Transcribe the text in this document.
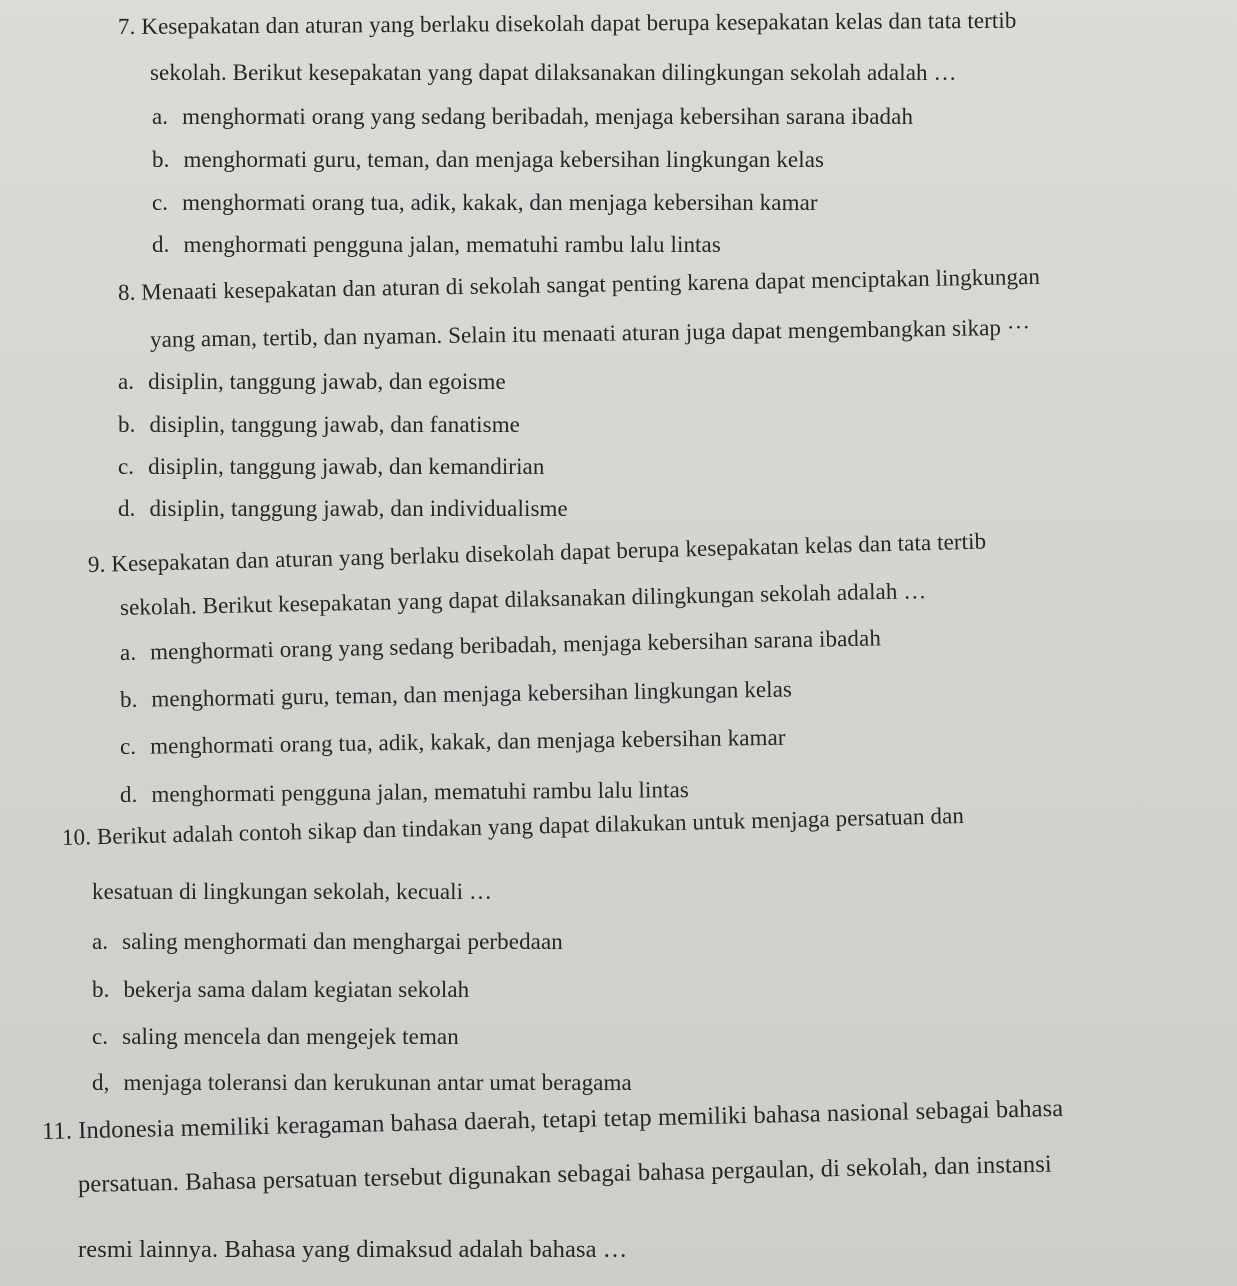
7. Kesepakatan dan aturan yang berlaku disekolah dapat berupa kesepakatan kelas dan tata tertib
sekolah. Berikut kesepakatan yang dapat dilaksanakan dilingkungan sekolah adalah …
a. menghormati orang yang sedang beribadah, menjaga kebersihan sarana ibadah
b. menghormati guru, teman, dan menjaga kebersihan lingkungan kelas
c. menghormati orang tua, adik, kakak, dan menjaga kebersihan kamar
d. menghormati pengguna jalan, mematuhi rambu lalu lintas
8. Menaati kesepakatan dan aturan di sekolah sangat penting karena dapat menciptakan lingkungan
yang aman, tertib, dan nyaman. Selain itu menaati aturan juga dapat mengembangkan sikap ···
a. disiplin, tanggung jawab, dan egoisme
b. disiplin, tanggung jawab, dan fanatisme
c. disiplin, tanggung jawab, dan kemandirian
d. disiplin, tanggung jawab, dan individualisme
9. Kesepakatan dan aturan yang berlaku disekolah dapat berupa kesepakatan kelas dan tata tertib
sekolah. Berikut kesepakatan yang dapat dilaksanakan dilingkungan sekolah adalah …
a. menghormati orang yang sedang beribadah, menjaga kebersihan sarana ibadah
b. menghormati guru, teman, dan menjaga kebersihan lingkungan kelas
c. menghormati orang tua, adik, kakak, dan menjaga kebersihan kamar
d. menghormati pengguna jalan, mematuhi rambu lalu lintas
10. Berikut adalah contoh sikap dan tindakan yang dapat dilakukan untuk menjaga persatuan dan
kesatuan di lingkungan sekolah, kecuali …
a. saling menghormati dan menghargai perbedaan
b. bekerja sama dalam kegiatan sekolah
c. saling mencela dan mengejek teman
d, menjaga toleransi dan kerukunan antar umat beragama
11. Indonesia memiliki keragaman bahasa daerah, tetapi tetap memiliki bahasa nasional sebagai bahasa
persatuan. Bahasa persatuan tersebut digunakan sebagai bahasa pergaulan, di sekolah, dan instansi
resmi lainnya. Bahasa yang dimaksud adalah bahasa …
